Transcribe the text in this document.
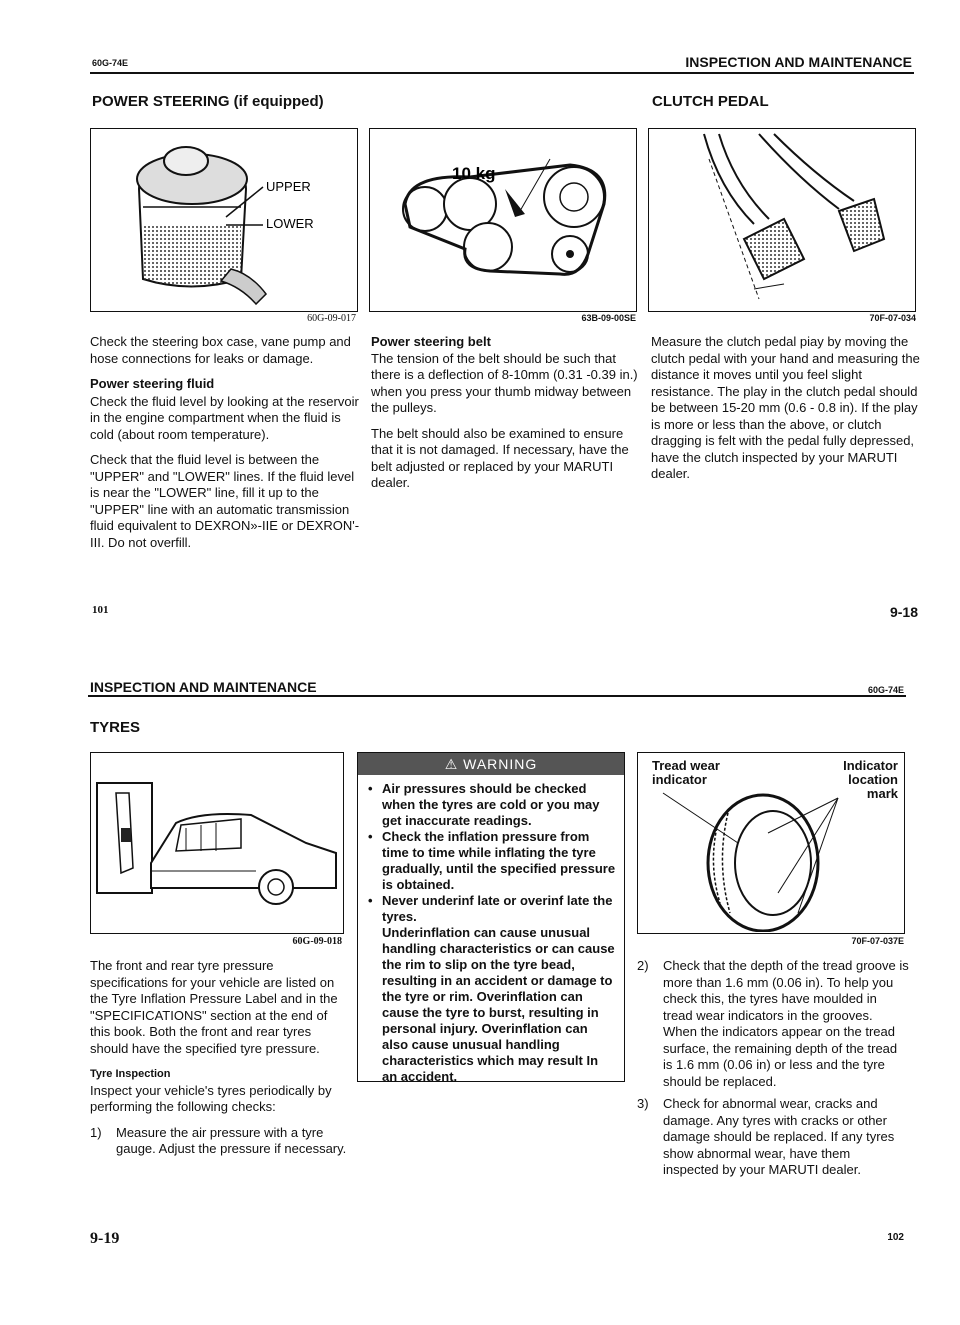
60G-74E	INSPECTION AND MAINTENANCE
POWER STEERING (if equipped)	CLUTCH PEDAL
UPPER
LOWER
60G-09-017
10 kg
63B-09-00SE	70F-07-034

Check the steering box case, vane pump and hose connections for leaks or damage.

Power steering fluid

Check the fluid level by looking at the reservoir in the engine compartment when the fluid is cold (about room temperature).

Check that the fluid level is between the "UPPER" and "LOWER" lines. If the fluid level is near the "LOWER" line, fill it up to the "UPPER" line with an automatic transmission fluid equivalent to DEXRON»-IIE or DEXRON'-III. Do not overfill.

Power steering belt

The tension of the belt should be such that there is a deflection of 8-10mm (0.31 -0.39 in.) when you press your thumb midway between the pulleys.

The belt should also be examined to ensure that it is not damaged. If necessary, have the belt adjusted or replaced by your MARUTI dealer.

Measure the clutch pedal piay by moving the clutch pedal with your hand and measuring the distance it moves until you feel slight resistance. The play in the clutch pedal should be between 15-20 mm (0.6 - 0.8 in). If the play is more or less than the above, or clutch dragging is felt with the pedal fully depressed, have the clutch inspected by your MARUTI dealer.

101	9-18
INSPECTION AND MAINTENANCE	60G-74E
TYRES
60G-09-018
⚠ WARNING
• Air pressures should be checked when the tyres are cold or you may get inaccurate readings.
• Check the inflation pressure from time to time while inflating the tyre gradually, until the specified pressure is obtained.
• Never underinf late or overinf late the tyres.
Underinflation can cause unusual handling characteristics or can cause the rim to slip on the tyre bead, resulting in an accident or damage to the tyre or rim. Overinflation can cause the tyre to burst, resulting in personal injury. Overinflation can also cause unusual handling characteristics which may result In an accident.
Tread wear indicator
Indicator location mark
70F-07-037E

The front and rear tyre pressure specifications for your vehicle are listed on the Tyre Inflation Pressure Label and in the "SPECIFICATIONS" section at the end of this book. Both the front and rear tyres should have the specified tyre pressure.

Tyre Inspection

Inspect your vehicle's tyres periodically by performing the following checks:

1)	Measure the air pressure with a tyre gauge. Adjust the pressure if necessary.
2)	Check that the depth of the tread groove is more than 1.6 mm (0.06 in). To help you check this, the tyres have moulded in tread wear indicators in the grooves. When the indicators appear on the tread surface, the remaining depth of the tread is 1.6 mm (0.06 in) or less and the tyre should be replaced.
3)	Check for abnormal wear, cracks and damage. Any tyres with cracks or other damage should be replaced. If any tyres show abnormal wear, have them inspected by your MARUTI dealer.
9-19	102
